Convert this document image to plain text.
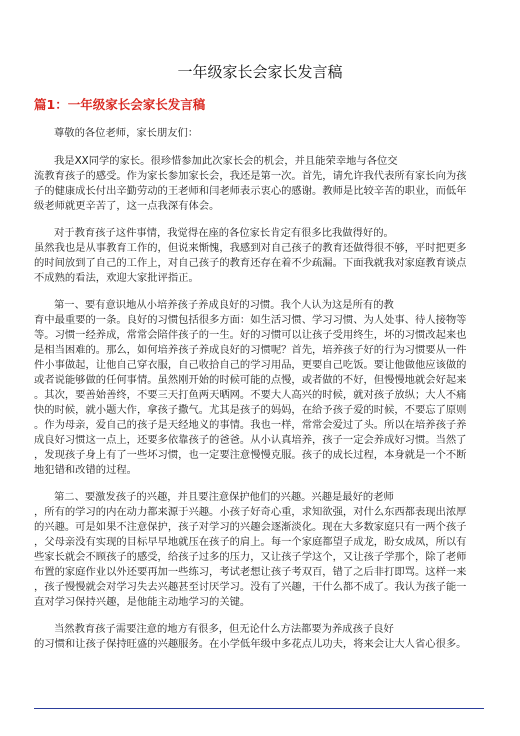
一年级家长会家长发言稿
篇1：一年级家长会家长发言稿
尊敬的各位老师，家长朋友们：
我是XX同学的家长。很珍惜参加此次家长会的机会，并且能荣幸地与各位交
流教育孩子的感受。作为家长参加家长会，我还是第一次。首先，请允许我代表所有家长向为孩
子的健康成长付出辛勤劳动的王老师和闫老师表示衷心的感谢。教师是比较辛苦的职业，而低年
级老师就更辛苦了，这一点我深有体会。
对于教育孩子这件事情，我觉得在座的各位家长肯定有很多比我做得好的。
虽然我也是从事教育工作的，但说来惭愧，我感到对自己孩子的教育还做得很不够，平时把更多
的时间放到了自己的工作上，对自己孩子的教育还存在着不少疏漏。下面我就我对家庭教育谈点
不成熟的看法，欢迎大家批评指正。
第一、要有意识地从小培养孩子养成良好的习惯。我个人认为这是所有的教
育中最重要的一条。良好的习惯包括很多方面：如生活习惯、学习习惯、为人处事、待人接物等
等。习惯一经养成，常常会陪伴孩子的一生。好的习惯可以让孩子受用终生，坏的习惯改起来也
是相当困难的。那么，如何培养孩子养成良好的习惯呢？首先，培养孩子好的行为习惯要从一件
件小事做起，让他自己穿衣服，自己收拾自己的学习用品，更要自己吃饭。要让他做他应该做的
或者说能够做的任何事情。虽然刚开始的时候可能的点慢，或者做的不好，但慢慢地就会好起来
。其次，要善始善终，不要三天打鱼两天晒网。不要大人高兴的时候，就对孩子放纵；大人不痛
快的时候，就小题大作，拿孩子撒气。尤其是孩子的妈妈，在给予孩子爱的时候，不要忘了原则
。作为母亲，爱自己的孩子是天经地义的事情。我也一样，常常会爱过了头。所以在培养孩子养
成良好习惯这一点上，还要多依靠孩子的爸爸。从小认真培养，孩子一定会养成好习惯。当然了
，发现孩子身上有了一些坏习惯，也一定要注意慢慢克服。孩子的成长过程，本身就是一个不断
地犯错和改错的过程。
第二、要激发孩子的兴趣，并且要注意保护他们的兴趣。兴趣是最好的老师
，所有的学习的内在动力都来源于兴趣。小孩子好奇心重，求知欲强，对什么东西都表现出浓厚
的兴趣。可是如果不注意保护，孩子对学习的兴趣会逐渐淡化。现在大多数家庭只有一两个孩子
，父母亲没有实现的目标早早地就压在孩子的肩上。每一个家庭都望子成龙，盼女成凤，所以有
些家长就会不顾孩子的感受，给孩子过多的压力，又让孩子学这个，又让孩子学那个，除了老师
布置的家庭作业以外还要再加一些练习，考试老想让孩子考双百，错了之后非打即骂。这样一来
，孩子慢慢就会对学习失去兴趣甚至讨厌学习。没有了兴趣，干什么都不成了。我认为孩子能一
直对学习保持兴趣，是他能主动地学习的关键。
当然教育孩子需要注意的地方有很多，但无论什么方法都要为养成孩子良好
的习惯和让孩子保持旺盛的兴趣服务。在小学低年级中多花点儿功夫，将来会让大人省心很多。
